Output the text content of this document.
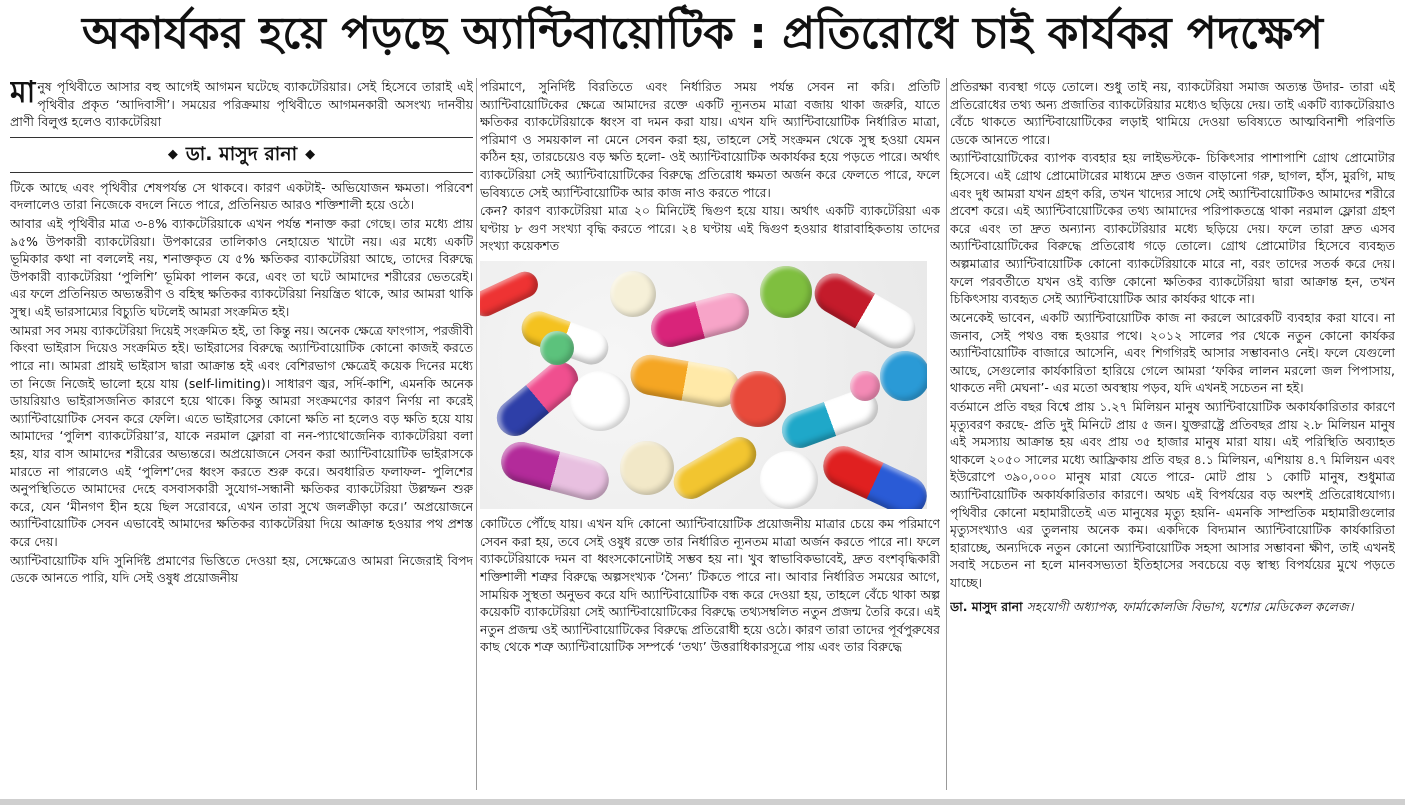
অকার্যকর হয়ে পড়ছে অ্যান্টিবায়োটিক : প্রতিরোধে চাই কার্যকর পদক্ষেপ

মানুষ পৃথিবীতে আসার বহু আগেই আগমন ঘটেছে ব্যাকটেরিয়ার। সেই হিসেবে তারাই এই পৃথিবীর প্রকৃত ‘আদিবাসী’। সময়ের পরিক্রমায় পৃথিবীতে আগমনকারী অসংখ্য দানবীয় প্রাণী বিলুপ্ত হলেও ব্যাকটেরিয়া

◆ ডা. মাসুদ রানা ◆

টিকে আছে এবং পৃথিবীর শেষপর্যন্ত সে থাকবে। কারণ একটাই- অভিযোজন ক্ষমতা। পরিবেশ বদলালেও তারা নিজেকে বদলে নিতে পারে, প্রতিনিয়ত আরও শক্তিশালী হয়ে ওঠে।

আবার এই পৃথিবীর মাত্র ৩-৪% ব্যাকটেরিয়াকে এখন পর্যন্ত শনাক্ত করা গেছে। তার মধ্যে প্রায় ৯৫% উপকারী ব্যাকটেরিয়া। উপকারের তালিকাও নেহায়েত খাটো নয়। এর মধ্যে একটি ভূমিকার কথা না বললেই নয়, শনাক্তকৃত যে ৫% ক্ষতিকর ব্যাকটেরিয়া আছে, তাদের বিরুদ্ধে উপকারী ব্যাকটেরিয়া ‘পুলিশি’ ভূমিকা পালন করে, এবং তা ঘটে আমাদের শরীরের ভেতরেই। এর ফলে প্রতিনিয়ত অভ্যন্তরীণ ও বহিস্থ ক্ষতিকর ব্যাকটেরিয়া নিয়ন্ত্রিত থাকে, আর আমরা থাকি সুস্থ। এই ভারসাম্যের বিচ্যুতি ঘটলেই আমরা সংক্রমিত হই।

আমরা সব সময় ব্যাকটেরিয়া দিয়েই সংক্রমিত হই, তা কিন্তু নয়। অনেক ক্ষেত্রে ফাংগাস, পরজীবী কিংবা ভাইরাস দিয়েও সংক্রমিত হই। ভাইরাসের বিরুদ্ধে অ্যান্টিবায়োটিক কোনো কাজই করতে পারে না। আমরা প্রায়ই ভাইরাস দ্বারা আক্রান্ত হই এবং বেশিরভাগ ক্ষেত্রেই কয়েক দিনের মধ্যে তা নিজে নিজেই ভালো হয়ে যায় (self-limiting)। সাধারণ জ্বর, সর্দি-কাশি, এমনকি অনেক ডায়রিয়াও ভাইরাসজনিত কারণে হয়ে থাকে। কিন্তু আমরা সংক্রমণের কারণ নির্ণয় না করেই অ্যান্টিবায়োটিক সেবন করে ফেলি। এতে ভাইরাসের কোনো ক্ষতি না হলেও বড় ক্ষতি হয়ে যায় আমাদের ‘পুলিশ ব্যাকটেরিয়া’র, যাকে নরমাল ফ্লোরা বা নন-প্যাথোজেনিক ব্যাকটেরিয়া বলা হয়, যার বাস আমাদের শরীরের অভ্যন্তরে। অপ্রয়োজনে সেবন করা অ্যান্টিবায়োটিক ভাইরাসকে মারতে না পারলেও এই ‘পুলিশ’দের ধ্বংস করতে শুরু করে। অবধারিত ফলাফল- পুলিশের অনুপস্থিতিতে আমাদের দেহে বসবাসকারী সুযোগ-সন্ধানী ক্ষতিকর ব্যাকটেরিয়া উল্লম্ফন শুরু করে, যেন ‘মীনগণ হীন হয়ে ছিল সরোবরে, এখন তারা সুখে জলক্রীড়া করে।’ অপ্রয়োজনে অ্যান্টিবায়োটিক সেবন এভাবেই আমাদের ক্ষতিকর ব্যাকটেরিয়া দিয়ে আক্রান্ত হওয়ার পথ প্রশস্ত করে দেয়।

অ্যান্টিবায়োটিক যদি সুনির্দিষ্ট প্রমাণের ভিত্তিতে দেওয়া হয়, সেক্ষেত্রেও আমরা নিজেরাই বিপদ ডেকে আনতে পারি, যদি সেই ওষুধ প্রয়োজনীয়

পরিমাণে, সুনির্দিষ্ট বিরতিতে এবং নির্ধারিত সময় পর্যন্ত সেবন না করি। প্রতিটি অ্যান্টিবায়োটিকের ক্ষেত্রে আমাদের রক্তে একটি ন্যূনতম মাত্রা বজায় থাকা জরুরি, যাতে ক্ষতিকর ব্যাকটেরিয়াকে ধ্বংস বা দমন করা যায়। এখন যদি অ্যান্টিবায়োটিক নির্ধারিত মাত্রা, পরিমাণ ও সময়কাল না মেনে সেবন করা হয়, তাহলে সেই সংক্রমন থেকে সুস্থ হওয়া যেমন কঠিন হয়, তারচেয়েও বড় ক্ষতি হলো- ওই অ্যান্টিবায়োটিক অকার্যকর হয়ে পড়তে পারে। অর্থাৎ ব্যাকটেরিয়া সেই অ্যান্টিবায়োটিকের বিরুদ্ধে প্রতিরোধ ক্ষমতা অর্জন করে ফেলতে পারে, ফলে ভবিষ্যতে সেই অ্যান্টিবায়োটিক আর কাজ নাও করতে পারে।

কেন? কারণ ব্যাকটেরিয়া মাত্র ২০ মিনিটেই দ্বিগুণ হয়ে যায়। অর্থাৎ একটি ব্যাকটেরিয়া এক ঘণ্টায় ৮ গুণ সংখ্যা বৃদ্ধি করতে পারে। ২৪ ঘণ্টায় এই দ্বিগুণ হওয়ার ধারাবাহিকতায় তাদের সংখ্যা কয়েকশত

কোটিতে পৌঁছে যায়। এখন যদি কোনো অ্যান্টিবায়োটিক প্রয়োজনীয় মাত্রার চেয়ে কম পরিমাণে সেবন করা হয়, তবে সেই ওষুধ রক্তে তার নির্ধারিত ন্যূনতম মাত্রা অর্জন করতে পারে না। ফলে ব্যাকটেরিয়াকে দমন বা ধ্বংসকোনোটাই সম্ভব হয় না। খুব স্বাভাবিকভাবেই, দ্রুত বংশবৃদ্ধিকারী শক্তিশালী শত্রুর বিরুদ্ধে অল্পসংখ্যক ‘সৈন্য’ টিকতে পারে না। আবার নির্ধারিত সময়ের আগে, সাময়িক সুস্থতা অনুভব করে যদি অ্যান্টিবায়োটিক বন্ধ করে দেওয়া হয়, তাহলে বেঁচে থাকা অল্প কয়েকটি ব্যাকটেরিয়া সেই অ্যান্টিবায়োটিকের বিরুদ্ধে তথ্যসম্বলিত নতুন প্রজন্ম তৈরি করে। এই নতুন প্রজন্ম ওই অ্যান্টিবায়োটিকের বিরুদ্ধে প্রতিরোধী হয়ে ওঠে। কারণ তারা তাদের পূর্বপুরুষের কাছ থেকে শত্রু অ্যান্টিবায়োটিক সম্পর্কে ‘তথ্য’ উত্তরাধিকারসূত্রে পায় এবং তার বিরুদ্ধে

প্রতিরক্ষা ব্যবস্থা গড়ে তোলে। শুধু তাই নয়, ব্যাকটেরিয়া সমাজ অত্যন্ত উদার- তারা এই প্রতিরোধের তথ্য অন্য প্রজাতির ব্যাকটেরিয়ার মধ্যেও ছড়িয়ে দেয়। তাই একটি ব্যাকটেরিয়াও বেঁচে থাকতে অ্যান্টিবায়োটিকের লড়াই থামিয়ে দেওয়া ভবিষ্যতে আত্মবিনাশী পরিণতি ডেকে আনতে পারে।

অ্যান্টিবায়োটিকের ব্যাপক ব্যবহার হয় লাইভস্টকে- চিকিৎসার পাশাপাশি গ্রোথ প্রোমোটার হিসেবে। এই গ্রোথ প্রোমোটারের মাধ্যমে দ্রুত ওজন বাড়ানো গরু, ছাগল, হাঁস, মুরগি, মাছ এবং দুধ আমরা যখন গ্রহণ করি, তখন খাদ্যের সাথে সেই অ্যান্টিবায়োটিকও আমাদের শরীরে প্রবেশ করে। এই অ্যান্টিবায়োটিকের তথ্য আমাদের পরিপাকতন্ত্রে থাকা নরমাল ফ্লোরা গ্রহণ করে এবং তা দ্রুত অন্যান্য ব্যাকটেরিয়ার মধ্যে ছড়িয়ে দেয়। ফলে তারা দ্রুত এসব অ্যান্টিবায়োটিকের বিরুদ্ধে প্রতিরোধ গড়ে তোলে। গ্রোথ প্রোমোটার হিসেবে ব্যবহৃত অল্পমাত্রার অ্যান্টিবায়োটিক কোনো ব্যাকটেরিয়াকে মারে না, বরং তাদের সতর্ক করে দেয়। ফলে পরবর্তীতে যখন ওই ব্যক্তি কোনো ক্ষতিকর ব্যাকটেরিয়া দ্বারা আক্রান্ত হন, তখন চিকিৎসায় ব্যবহৃত সেই অ্যান্টিবায়োটিক আর কার্যকর থাকে না।

অনেকেই ভাবেন, একটি অ্যান্টিবায়োটিক কাজ না করলে আরেকটি ব্যবহার করা যাবে। না জনাব, সেই পথও বন্ধ হওয়ার পথে। ২০১২ সালের পর থেকে নতুন কোনো কার্যকর অ্যান্টিবায়োটিক বাজারে আসেনি, এবং শিগগিরই আসার সম্ভাবনাও নেই। ফলে যেগুলো আছে, সেগুলোর কার্যকারিতা হারিয়ে গেলে আমরা ‘ফকির লালন মরলো জল পিপাসায়, থাকতে নদী মেঘনা’- এর মতো অবস্থায় পড়ব, যদি এখনই সচেতন না হই।

বর্তমানে প্রতি বছর বিশ্বে প্রায় ১.২৭ মিলিয়ন মানুষ অ্যান্টিবায়োটিক অকার্যকারিতার কারণে মৃত্যুবরণ করছে- প্রতি দুই মিনিটে প্রায় ৫ জন। যুক্তরাষ্ট্রে প্রতিবছর প্রায় ২.৮ মিলিয়ন মানুষ এই সমস্যায় আক্রান্ত হয় এবং প্রায় ৩৫ হাজার মানুষ মারা যায়। এই পরিস্থিতি অব্যাহত থাকলে ২০৫০ সালের মধ্যে আফ্রিকায় প্রতি বছর ৪.১ মিলিয়ন, এশিয়ায় ৪.৭ মিলিয়ন এবং ইউরোপে ৩৯০,০০০ মানুষ মারা যেতে পারে- মোট প্রায় ১ কোটি মানুষ, শুধুমাত্র অ্যান্টিবায়োটিক অকার্যকারিতার কারণে। অথচ এই বিপর্যয়ের বড় অংশই প্রতিরোধযোগ্য। পৃথিবীর কোনো মহামারীতেই এত মানুষের মৃত্যু হয়নি- এমনকি সাম্প্রতিক মহামারীগুলোর মৃত্যুসংখ্যাও এর তুলনায় অনেক কম। একদিকে বিদ্যমান অ্যান্টিবায়োটিক কার্যকারিতা হারাচ্ছে, অন্যদিকে নতুন কোনো অ্যান্টিবায়োটিক সহসা আসার সম্ভাবনা ক্ষীণ, তাই এখনই সবাই সচেতন না হলে মানবসভ্যতা ইতিহাসের সবচেয়ে বড় স্বাস্থ্য বিপর্যয়ের মুখে পড়তে যাচ্ছে।

ডা. মাসুদ রানা সহযোগী অধ্যাপক, ফার্মাকোলজি বিভাগ, যশোর মেডিকেল কলেজ।
